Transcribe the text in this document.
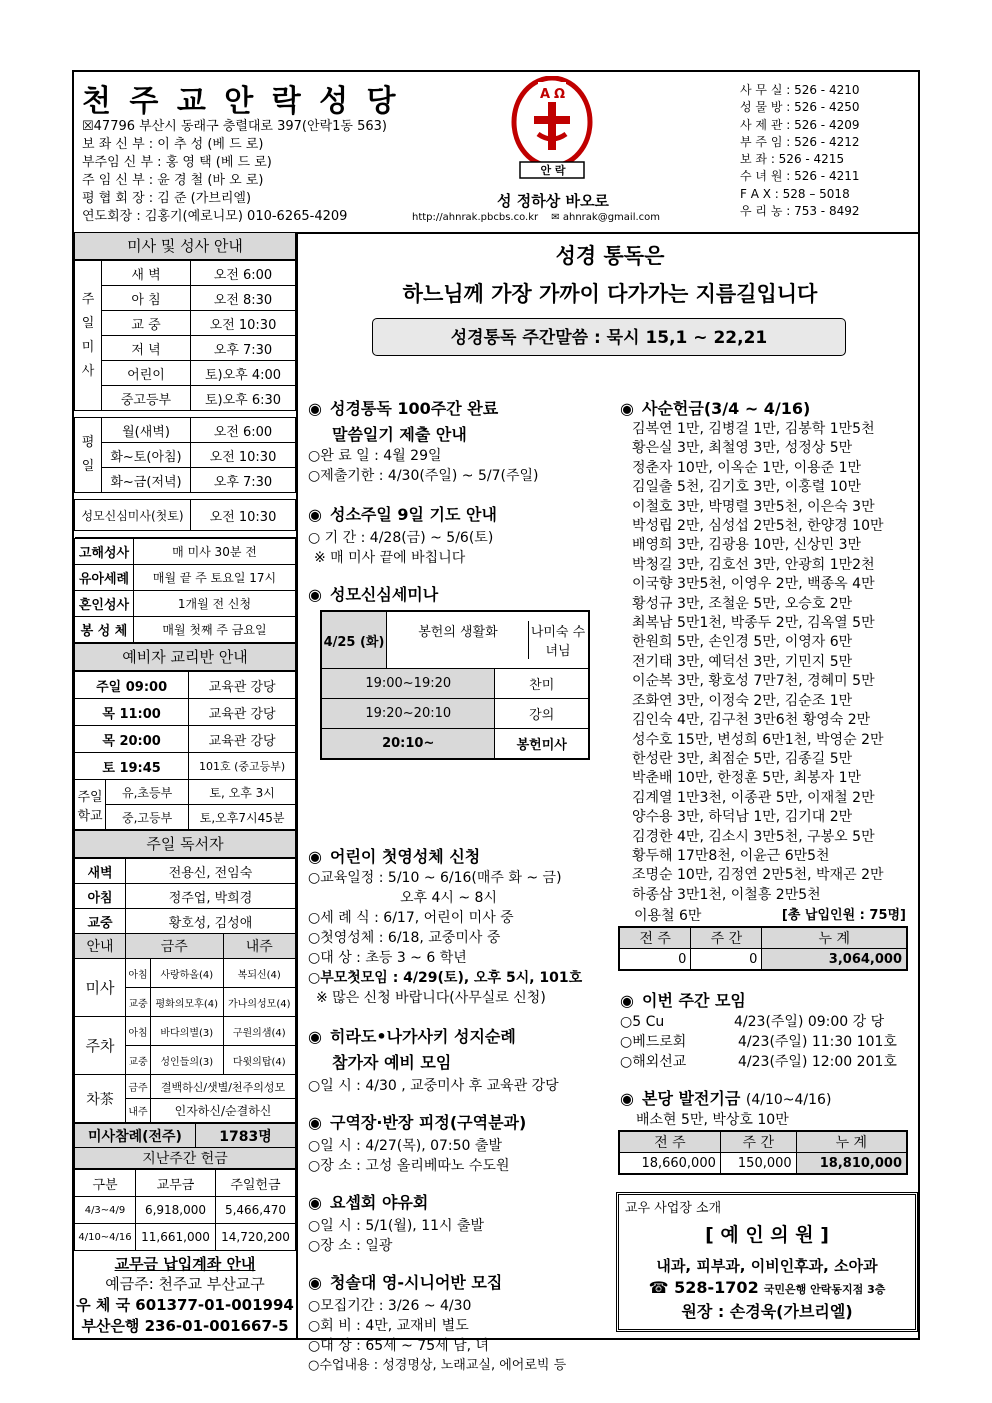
천 주 교 안 락 성 당
☒47796 부산시 동래구 충렬대로 397(안락1동 563)
보 좌 신 부 : 이 추 성 (베 드 로)
부주임 신 부 : 홍 영 택 (베 드 로)
주 임 신 부 : 윤 경 철 (바 오 로)
평 협 회 장 : 김 준 (가브리엘)
연도회장 : 김홍기(예로니모) 010-6265-4209
A Ω
안 락
성 정하상 바오로
http://ahnrak.pbcbs.co.kr ✉ ahnrak@gmail.com
사 무 실 : 526 - 4210
성 물 방 : 526 - 4250
사 제 관 : 526 - 4209
부 주 임 : 526 - 4212
보 좌 : 526 - 4215
수 녀 원 : 526 - 4211
F A X : 528 – 5018
우 리 농 : 753 - 8492
미사 및 성사 안내
주
일
미
사	새 벽	오전 6:00
	아 침	오전 8:30
	교 중	오전 10:30
	저 녁	오후 7:30
	어린이	토)오후 4:00
	중고등부	토)오후 6:30

평
일	월(새벽)	오전 6:00
	화~토(아침)	오전 10:30
	화~금(저녁)	오후 7:30

성모신심미사(첫토)		오전 10:30

고해성사	매 미사 30분 전
유아세례	매월 끝 주 토요일 17시
혼인성사	1개월 전 신청
봉 성 체	매월 첫째 주 금요일
예비자 교리반 안내
주일 09:00		교육관 강당
목 11:00		교육관 강당
목 20:00		교육관 강당
토 19:45		101호 (중고등부)
주일학교	유,초등부	토, 오후 3시
	중,고등부	토,오후7시45분
주일 독서자
새벽	전용신, 전임숙		
아침	정주업, 박희경		
교중	황호성, 김성애		
안내	금주		내주
미사	아침	사랑하올(4)	복되신(4)
	교중	평화의모후(4)	가나의성모(4)
주차	아침	바다의별(3)	구원의샘(4)
	교중	성인들의(3)	다윗의탑(4)
차茶	금주	결백하신/샛별/천주의성모	
	내주	인자하신/순결하신	
미사참례(전주)	1783명
지난주간 헌금
구분	교무금	주일헌금
4/3~4/9	6,918,000	5,466,470
4/10~4/16	11,661,000	14,720,200
교무금 납입계좌 안내
예금주: 천주교 부산교구
우 체 국 601377-01-001994
부산은행 236-01-001667-5
성경 통독은
하느님께 가장 가까이 다가가는 지름길입니다
성경통독 주간말씀 : 묵시 15,1 ~ 22,21
◉ 성경통독 100주간 완료
말씀일기 제출 안내
○완 료 일 : 4월 29일
○제출기한 : 4/30(주일) ~ 5/7(주일)
◉ 성소주일 9일 기도 안내
○ 기 간 : 4/28(금) ~ 5/6(토)
※ 매 미사 끝에 바칩니다
◉ 성모신심세미나
4/25 (화)	봉헌의 생활화 나미숙 수녀님	

19:00~19:20		찬미
19:20~20:10		강의
20:10~		봉헌미사
◉ 어린이 첫영성체 신청
○교육일정 : 5/10 ~ 6/16(매주 화 ~ 금)
오후 4시 ~ 8시
○세 례 식 : 6/17, 어린이 미사 중
○첫영성체 : 6/18, 교중미사 중
○대 상 : 초등 3 ~ 6 학년
○부모첫모임 : 4/29(토), 오후 5시, 101호
※ 많은 신청 바랍니다(사무실로 신청)
◉ 히라도•나가사키 성지순례
참가자 예비 모임
○일 시 : 4/30 , 교중미사 후 교육관 강당
◉ 구역장·반장 피정(구역분과)
○일 시 : 4/27(목), 07:50 출발
○장 소 : 고성 올리베따노 수도원
◉ 요셉회 야유회
○일 시 : 5/1(월), 11시 출발
○장 소 : 일광
◉ 청솔대 영-시니어반 모집
○모집기간 : 3/26 ~ 4/30
○회 비 : 4만, 교재비 별도
○대 상 : 65세 ~ 75세 남, 녀
○수업내용 : 성경명상, 노래교실, 에어로빅 등
◉ 사순헌금(3/4 ~ 4/16)
김복연 1만, 김병걸 1만, 김봉학 1만5천
황은실 3만, 최철영 3만, 성정상 5만
정춘자 10만, 이옥순 1만, 이용준 1만
김일출 5천, 김기호 3만, 이홍렬 10만
이철호 3만, 박명렬 3만5천, 이은숙 3만
박성립 2만, 심성섭 2만5천, 한양경 10만
배영희 3만, 김광용 10만, 신상민 3만
박청길 3만, 김호선 3만, 안광희 1만2천
이국향 3만5천, 이영우 2만, 백종옥 4만
황성규 3만, 조철운 5만, 오승호 2만
최복남 5만1천, 박종두 2만, 김옥열 5만
한원희 5만, 손인경 5만, 이영자 6만
전기태 3만, 예덕선 3만, 기민지 5만
이순복 3만, 황호성 7만7천, 경혜미 5만
조화연 3만, 이정숙 2만, 김순조 1만
김인숙 4만, 김구천 3만6천 황영숙 2만
성수호 15만, 변성희 6만1천, 박영순 2만
한성란 3만, 최점순 5만, 김종길 5만
박춘배 10만, 한정훈 5만, 최봉자 1만
김계열 1만3천, 이종관 5만, 이재철 2만
양수용 3만, 하덕남 1만, 김기대 2만
김경한 4만, 김소시 3만5천, 구봉오 5만
황두해 17만8천, 이윤근 6만5천
조명순 10만, 김정연 2만5천, 박재곤 2만
하종삼 3만1천, 이철흥 2만5천
이용철 6만	[총 납입인원 : 75명]
전 주	주 간	누 계
0	0	3,064,000
◉ 이번 주간 모임
○5 Cu	4/23(주일) 09:00 강 당
○베드로회	4/23(주일) 11:30 101호
○해외선교	4/23(주일) 12:00 201호
◉ 본당 발전기금 (4/10~4/16)
배소현 5만, 박상호 10만
전 주	주 간	누 계
18,660,000	150,000	18,810,000
교우 사업장 소개
[ 예 인 의 원 ]
내과, 피부과, 이비인후과, 소아과
☎ 528-1702 국민은행 안락동지점 3층
원장 : 손경욱(가브리엘)
